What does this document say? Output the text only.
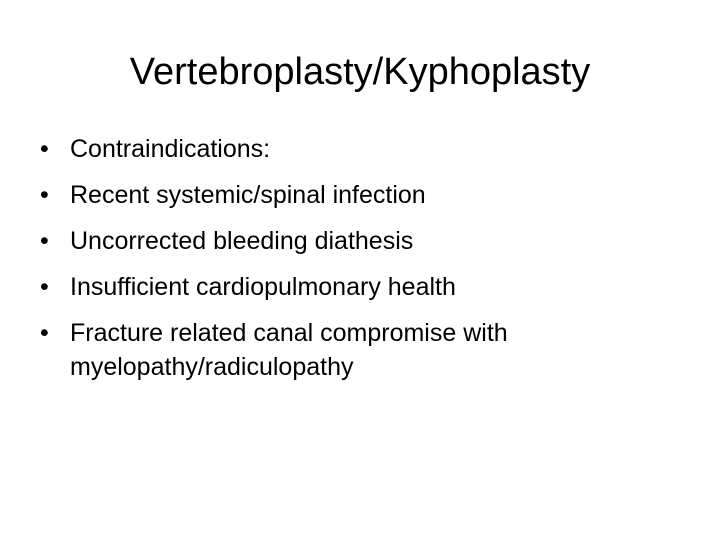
Vertebroplasty/Kyphoplasty
• Contraindications:
• Recent systemic/spinal infection
• Uncorrected bleeding diathesis
• Insufficient cardiopulmonary health
• Fracture related canal compromise with myelopathy/radiculopathy
